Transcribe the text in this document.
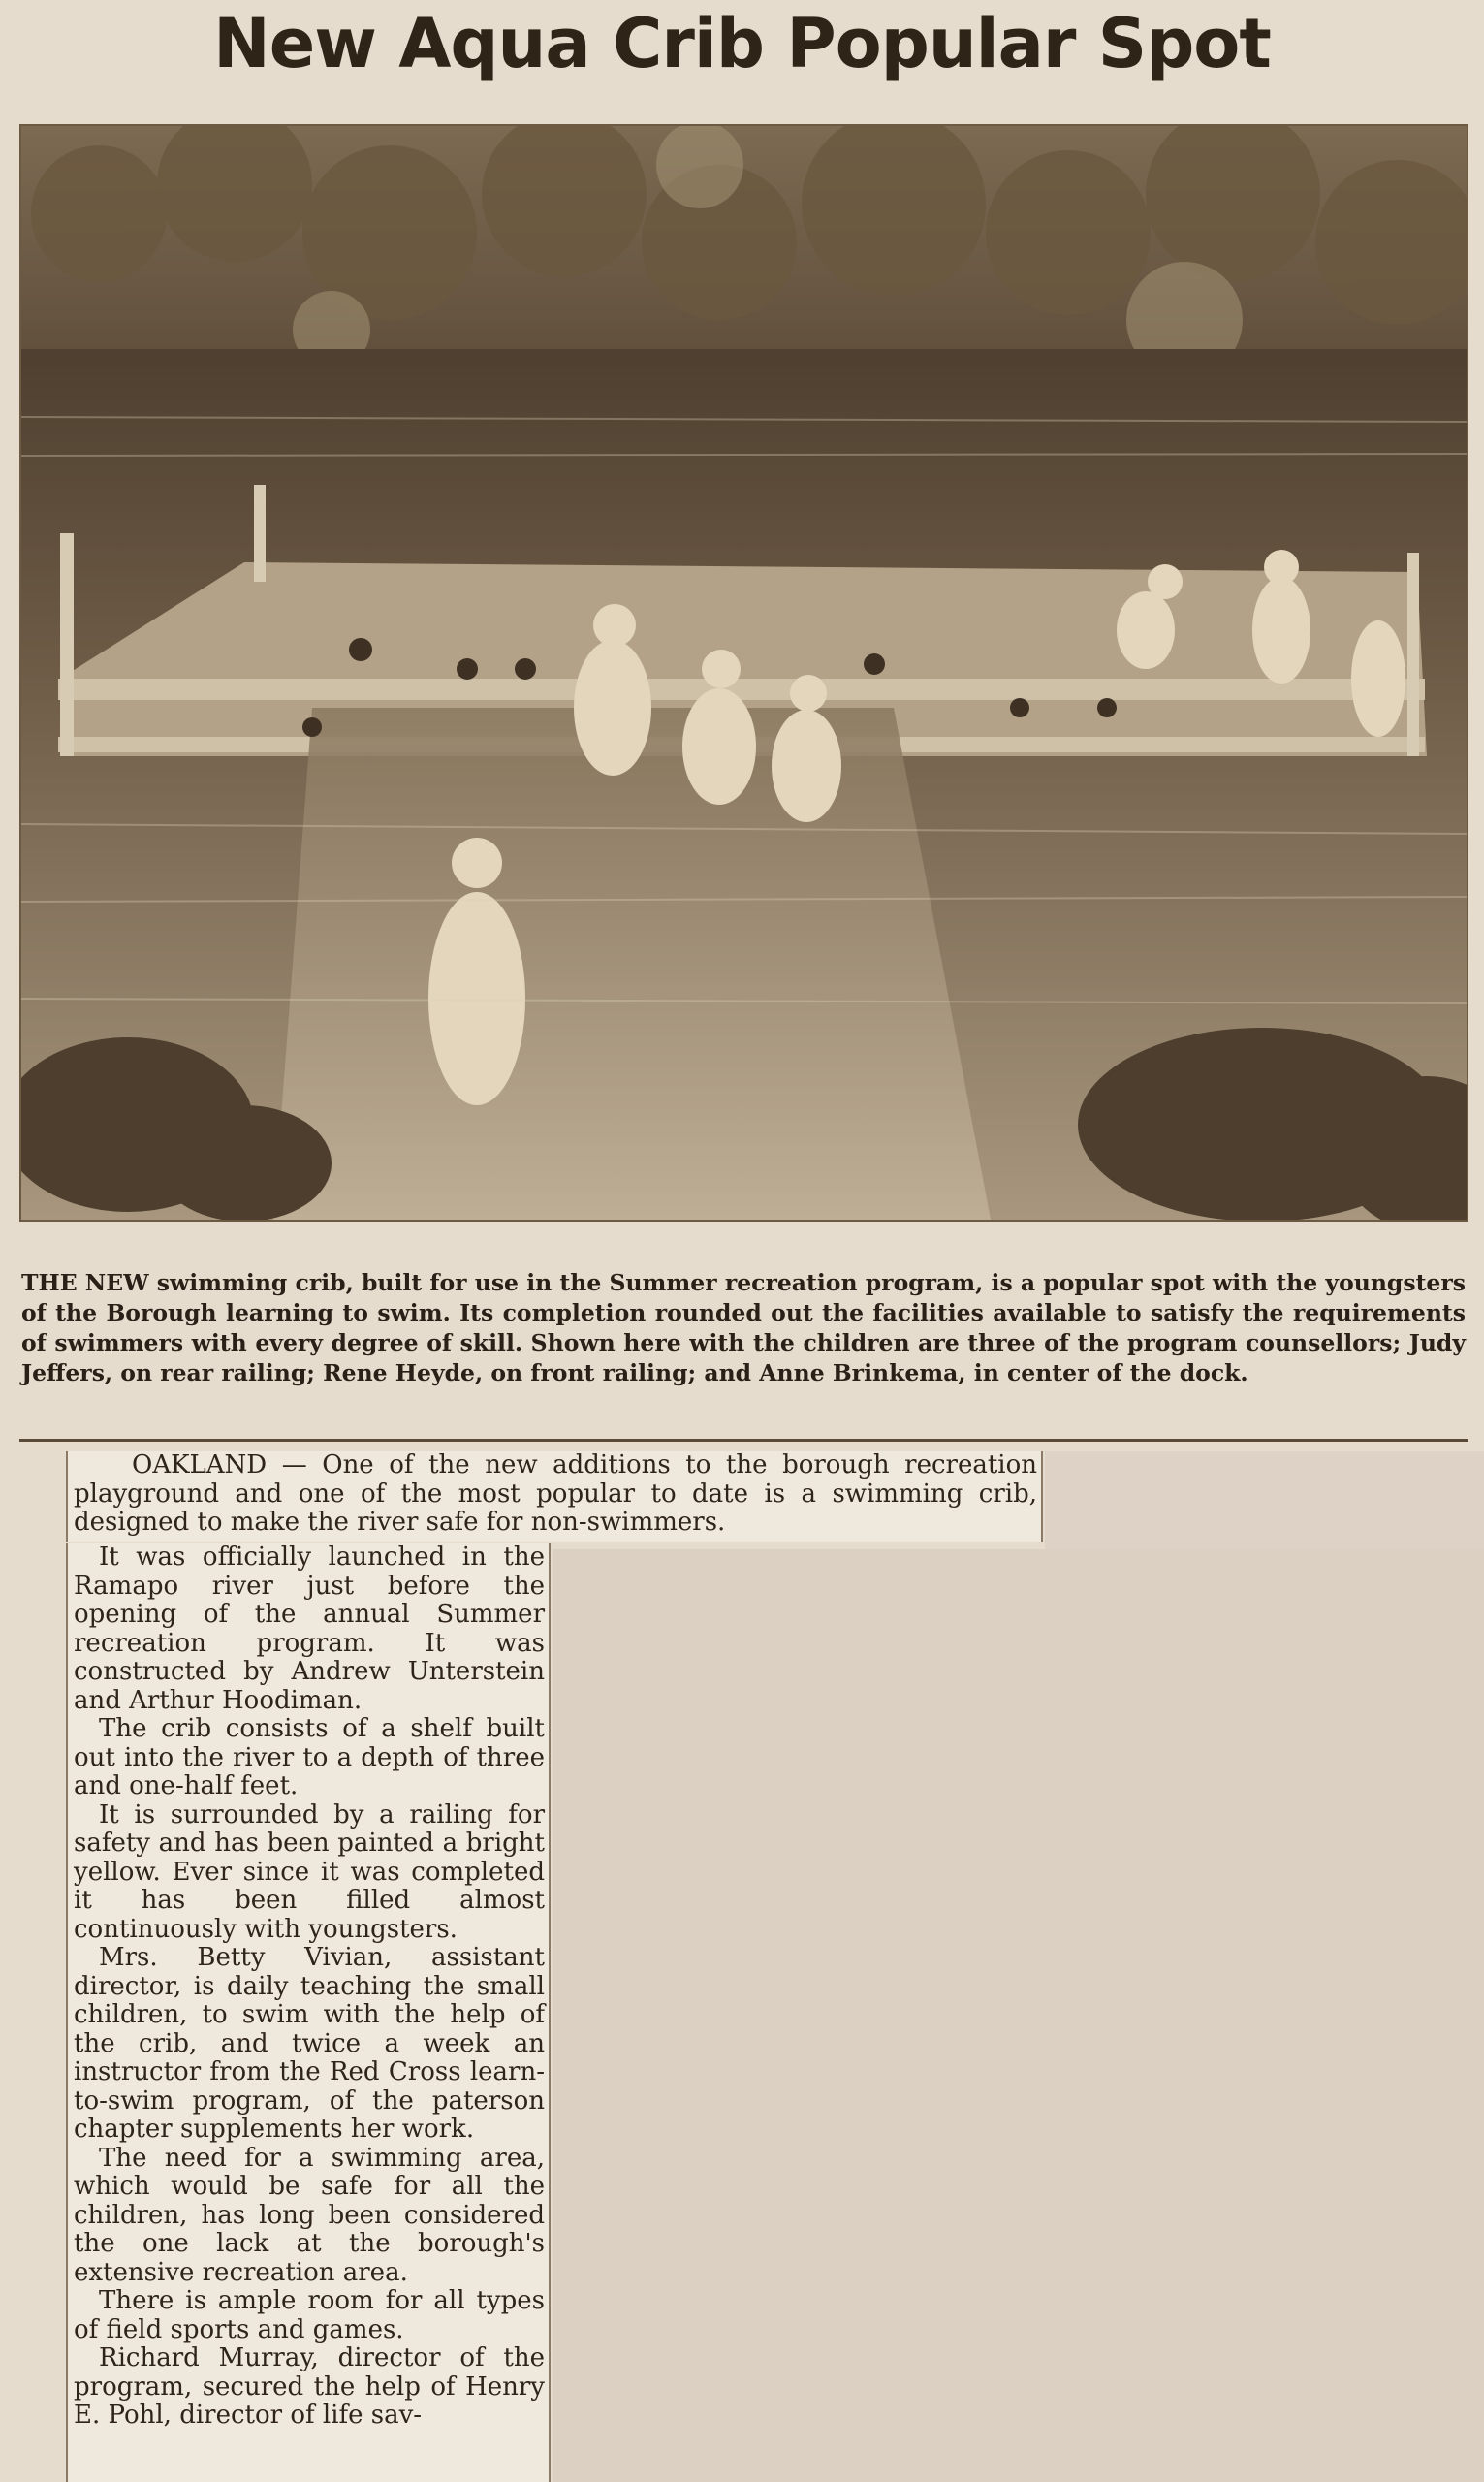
New Aqua Crib Popular Spot
THE NEW swimming crib, built for use in the Summer recreation program, is a popular spot with the youngsters of the Borough learning to swim. Its completion rounded out the facilities available to satisfy the requirements of swimmers with every degree of skill. Shown here with the children are three of the program counsellors; Judy Jeffers, on rear railing; Rene Heyde, on front railing; and Anne Brinkema, in center of the dock.

OAKLAND — One of the new additions to the borough recreation playground and one of the most popular to date is a swimming crib, designed to make the river safe for non-swimmers.

It was officially launched in the Ramapo river just before the opening of the annual Summer recreation program. It was constructed by Andrew Unterstein and Arthur Hoodiman.

The crib consists of a shelf built out into the river to a depth of three and one-half feet.

It is surrounded by a railing for safety and has been painted a bright yellow. Ever since it was completed it has been filled almost continuously with youngsters.

Mrs. Betty Vivian, assistant director, is daily teaching the small children, to swim with the help of the crib, and twice a week an instructor from the Red Cross learn-to-swim program, of the paterson chapter supplements her work.

The need for a swimming area, which would be safe for all the children, has long been considered the one lack at the borough's extensive recreation area.

There is ample room for all types of field sports and games.

Richard Murray, director of the program, secured the help of Henry E. Pohl, director of life sav-
